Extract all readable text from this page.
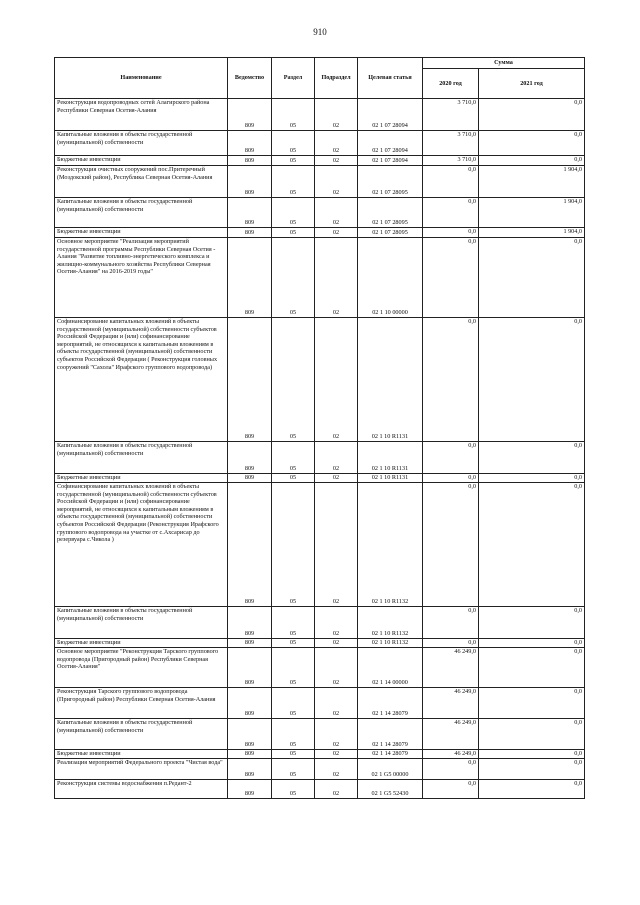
910
Наименование	Ведомство	Раздел	Подраздел	Целевая статья	Сумма	
					2020 год	2021 год
Реконструкция водопроводных сетей Алагирского района Республики Северная Осетия-Алания	809	05	02	02 1 07 28094	3 710,0	0,0
Капитальные вложения в объекты государственной (муниципальной) собственности	809	05	02	02 1 07 28094	3 710,0	0,0
Бюджетные инвестиции	809	05	02	02 1 07 28094	3 710,0	0,0
Реконструкция очистных сооружений пос.Притеречный (Моздокский район), Республика Северная Осетия-Алания	809	05	02	02 1 07 28095	0,0	1 904,0
Капитальные вложения в объекты государственной (муниципальной) собственности	809	05	02	02 1 07 28095	0,0	1 904,0
Бюджетные инвестиции	809	05	02	02 1 07 28095	0,0	1 904,0
Основное мероприятие "Реализация мероприятий государственной программы Республики Северная Осетия - Алания "Развитие топливно-энергетического комплекса и жилищно-коммунального хозяйства Республики Северная Осетия-Алания" на 2016-2019 годы"	809	05	02	02 1 10 00000	0,0	0,0
Софинансирование капитальных вложений в объекты государственной (муниципальной) собственности субъектов Российской Федерации и (или) софинансирование мероприятий, не относящихся к капитальным вложениям в объекты государственной (муниципальной) собственности субъектов Российской Федерации ( Реконструкция головных сооружений "Сахола" Ирафского группового водопровода)	809	05	02	02 1 10 R1131	0,0	0,0
Капитальные вложения в объекты государственной (муниципальной) собственности	809	05	02	02 1 10 R1131	0,0	0,0
Бюджетные инвестиции	809	05	02	02 1 10 R1131	0,0	0,0
Софинансирование капитальных вложений в объекты государственной (муниципальной) собственности субъектов Российской Федерации и (или) софинансирование мероприятий, не относящихся к капитальным вложениям в объекты государственной (муниципальной) собственности субъектов Российской Федерации (Реконструкция Ирафского группового водопровода на участке от с.Ахсарисар до резервуара с.Чикола )	809	05	02	02 1 10 R1132	0,0	0,0
Капитальные вложения в объекты государственной (муниципальной) собственности	809	05	02	02 1 10 R1132	0,0	0,0
Бюджетные инвестиции	809	05	02	02 1 10 R1132	0,0	0,0
Основное мероприятие "Реконструкция Тарского группового водопровода (Пригородный район) Республики Северная Осетия-Алания"	809	05	02	02 1 14 00000	46 249,0	0,0
Реконструкция Тарского группового водопровода (Пригородный район) Республики Северная Осетия-Алания	809	05	02	02 1 14 28079	46 249,0	0,0
Капитальные вложения в объекты государственной (муниципальной) собственности	809	05	02	02 1 14 28079	46 249,0	0,0
Бюджетные инвестиции	809	05	02	02 1 14 28079	46 249,0	0,0
Реализация мероприятий Федерального проекта "Чистая вода"	809	05	02	02 1 G5 00000	0,0	0,0
Реконструкция системы водоснабжения п.Редант-2	809	05	02	02 1 G5 52430	0,0	0,0
